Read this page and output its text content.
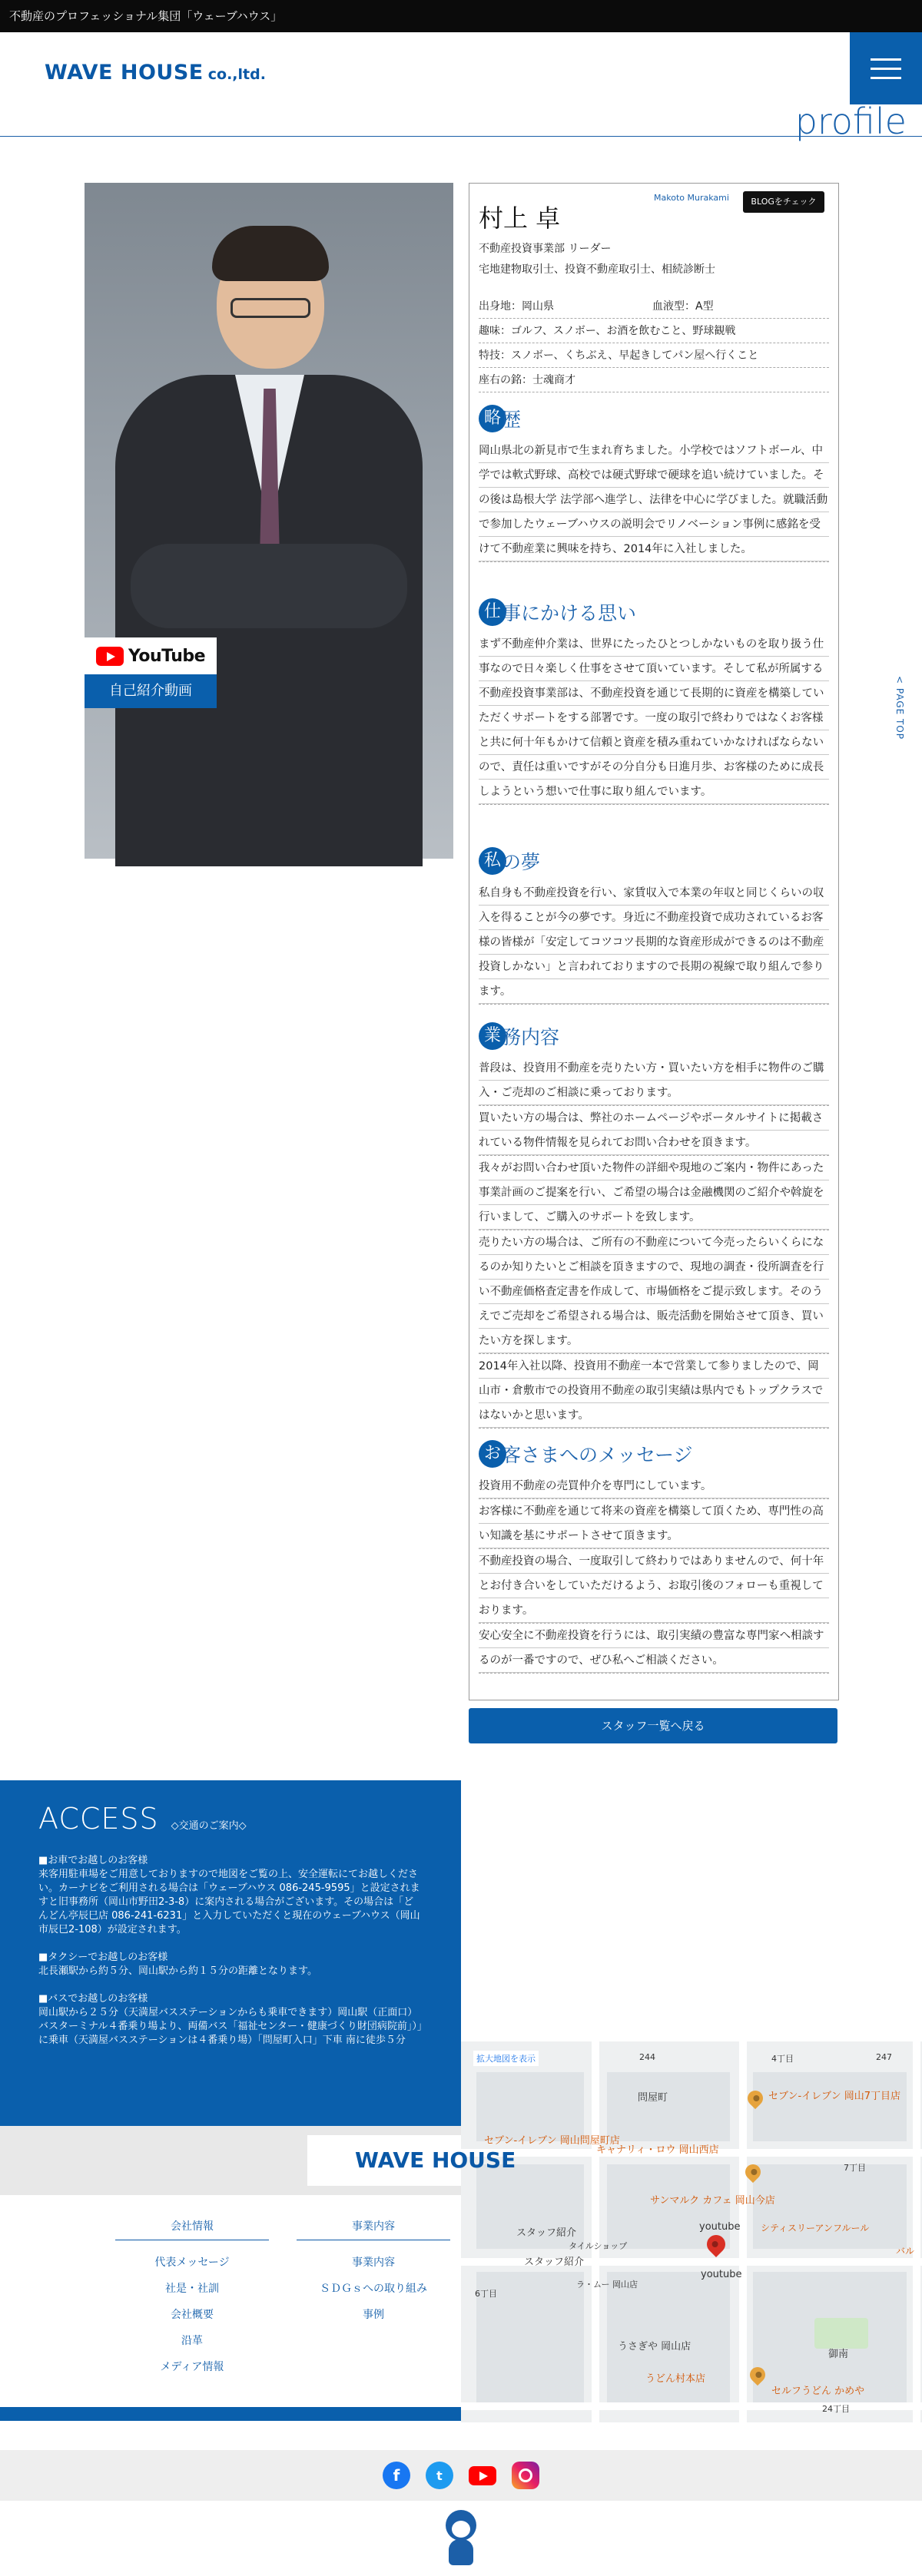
不動産のプロフェッショナル集団「ウェーブハウス」
WAVE HOUSE co.,ltd.
profile
YouTube
自己紹介動画
Makoto Murakami	BLOGをチェック
村上 卓
不動産投資事業部 リーダー
宅地建物取引士、投資不動産取引士、相続診断士
出身地：岡山県	血液型：A型
趣味：ゴルフ、スノボー、お酒を飲むこと、野球観戦
特技：スノボー、くちぶえ、早起きしてパン屋へ行くこと
座右の銘：士魂商才
略 歴
岡山県北の新見市で生まれ育ちました。小学校ではソフトボール、中学では軟式野球、高校では硬式野球で硬球を追い続けていました。その後は島根大学 法学部へ進学し、法律を中心に学びました。就職活動で参加したウェーブハウスの説明会でリノベーション事例に感銘を受けて不動産業に興味を持ち、2014年に入社しました。
仕 事にかける思い
まず不動産仲介業は、世界にたったひとつしかないものを取り扱う仕事なので日々楽しく仕事をさせて頂いています。そして私が所属する不動産投資事業部は、不動産投資を通じて長期的に資産を構築していただくサポートをする部署です。一度の取引で終わりではなくお客様と共に何十年もかけて信頼と資産を積み重ねていかなければならないので、責任は重いですがその分自分も日進月歩、お客様のために成長しようという想いで仕事に取り組んでいます。
私 の夢
私自身も不動産投資を行い、家賃収入で本業の年収と同じくらいの収入を得ることが今の夢です。身近に不動産投資で成功されているお客様の皆様が「安定してコツコツ長期的な資産形成ができるのは不動産投資しかない」と言われておりますので長期の視線で取り組んで参ります。
業 務内容
普段は、投資用不動産を売りたい方・買いたい方を相手に物件のご購入・ご売却のご相談に乗っております。
買いたい方の場合は、弊社のホームページやポータルサイトに掲載されている物件情報を見られてお問い合わせを頂きます。
我々がお問い合わせ頂いた物件の詳細や現地のご案内・物件にあった事業計画のご提案を行い、ご希望の場合は金融機関のご紹介や斡旋を行いまして、ご購入のサポートを致します。
売りたい方の場合は、ご所有の不動産について今売ったらいくらになるのか知りたいとご相談を頂きますので、現地の調査・役所調査を行い不動産価格査定書を作成して、市場価格をご提示致します。そのうえでご売却をご希望される場合は、販売活動を開始させて頂き、買いたい方を探します。
2014年入社以降、投資用不動産一本で営業して参りましたので、岡山市・倉敷市での投資用不動産の取引実績は県内でもトップクラスではないかと思います。
お 客さまへのメッセージ
投資用不動産の売買仲介を専門にしています。
お客様に不動産を通じて将来の資産を構築して頂くため、専門性の高い知識を基にサポートさせて頂きます。
不動産投資の場合、一度取引して終わりではありませんので、何十年とお付き合いをしていただけるよう、お取引後のフォローも重視しております。
安心安全に不動産投資を行うには、取引実績の豊富な専門家へ相談するのが一番ですので、ぜひ私へご相談ください。
スタッフ一覧へ戻る
< PAGE TOP
ACCESS ◇交通のご案内◇

■お車でお越しのお客様

来客用駐車場をご用意しておりますので地図をご覧の上、安全運転にてお越しください。カーナビをご利用される場合は「ウェーブハウス 086-245-9595」と設定されますと旧事務所（岡山市野田2-3-8）に案内される場合がございます。その場合は「どんどん亭辰巳店 086-241-6231」と入力していただくと現在のウェーブハウス（岡山市辰巳2-108）が設定されます。

■タクシーでお越しのお客様

北長瀬駅から約５分、岡山駅から約１５分の距離となります。

■バスでお越しのお客様

岡山駅から２５分（天満屋バスステーションからも乗車できます）岡山駅（正面口）バスターミナル４番乗り場より、両備バス「福祉センター・健康づくり財団病院前」）」に乗車（天満屋バスステーションは４番乗り場）「問屋町入口」下車 南に徒歩５分

拡大地図を表示	244	247
4丁目
問屋町	セブン-イレブン 岡山7丁目店
セブン-イレブン 岡山問屋町店
キャナリィ・ロウ 岡山西店
7丁目
サンマルク カフェ 岡山今店
スタッフ紹介
youtube
スタッフ紹介
youtube
タイルショップ
ラ・ムー 岡山店
シティスリーアンフルール
バル
うさぎや 岡山店
うどん村本店
セルフうどん かめや
御南
6丁目
24丁目
WAVE HOUSE
会社情報
代表メッセージ
社是・社訓
会社概要
沿革
メディア情報
事業内容
事業内容
ＳＤＧｓへの取り組み
事例
f	t
